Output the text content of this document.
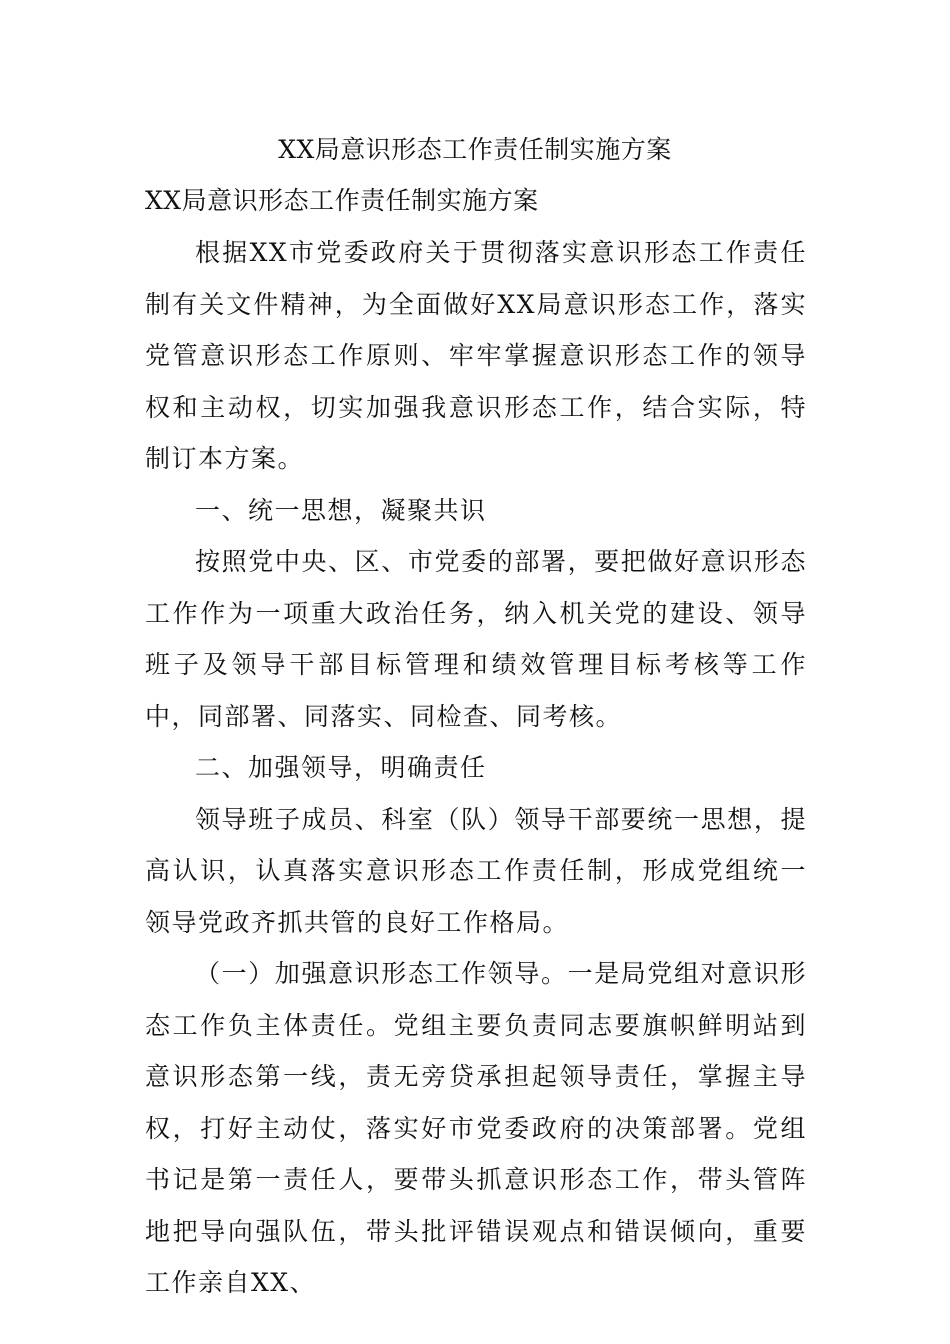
XX局意识形态工作责任制实施方案
XX局意识形态工作责任制实施方案

根据XX市党委政府关于贯彻落实意识形态工作责任制有关文件精神，为全面做好XX局意识形态工作，落实党管意识形态工作原则、牢牢掌握意识形态工作的领导权和主动权，切实加强我意识形态工作，结合实际，特制订本方案。

一、统一思想，凝聚共识

按照党中央、区、市党委的部署，要把做好意识形态工作作为一项重大政治任务，纳入机关党的建设、领导班子及领导干部目标管理和绩效管理目标考核等工作中，同部署、同落实、同检查、同考核。

二、加强领导，明确责任

领导班子成员、科室（队）领导干部要统一思想，提高认识，认真落实意识形态工作责任制，形成党组统一领导党政齐抓共管的良好工作格局。

（一）加强意识形态工作领导。一是局党组对意识形态工作负主体责任。党组主要负责同志要旗帜鲜明站到意识形态第一线，责无旁贷承担起领导责任，掌握主导权，打好主动仗，落实好市党委政府的决策部署。党组书记是第一责任人，要带头抓意识形态工作，带头管阵地把导向强队伍，带头批评错误观点和错误倾向，重要工作亲自XX、
